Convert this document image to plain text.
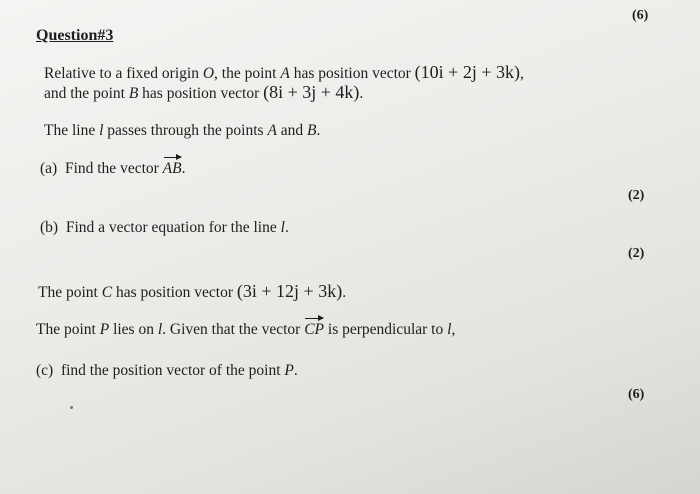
(6)
Question#3
Relative to a fixed origin O, the point A has position vector (10i + 2j + 3k),
and the point B has position vector (8i + 3j + 4k).
The line l passes through the points A and B.
(a) Find the vector AB.
(2)
(b) Find a vector equation for the line l.
(2)
The point C has position vector (3i + 12j + 3k).
The point P lies on l. Given that the vector CP is perpendicular to l,
(c) find the position vector of the point P.
(6)
